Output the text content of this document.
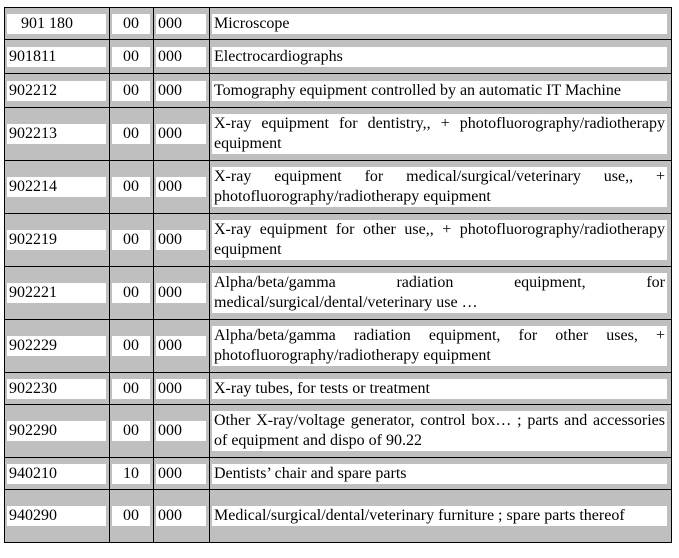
901 180	00	000	Microscope

901811	00	000	Electrocardiographs

902212	00	000	Tomography equipment controlled by an automatic IT Machine

902213	00	000	X-ray equipment for dentistry,, + photofluorography/radiotherapy equipment

902214	00	000	X-ray equipment for medical/surgical/veterinary use,, + photofluorography/radiotherapy equipment

902219	00	000	X-ray equipment for other use,, + photofluorography/radiotherapy equipment

902221	00	000	Alpha/beta/gamma radiation equipment, for medical/surgical/dental/veterinary use …

902229	00	000	Alpha/beta/gamma radiation equipment, for other uses, + photofluorography/radiotherapy equipment

902230	00	000	X-ray tubes, for tests or treatment

902290	00	000	Other X-ray/voltage generator, control box… ; parts and accessories of equipment and dispo of 90.22

940210	10	000	Dentists’ chair and spare parts

940290	00	000	Medical/surgical/dental/veterinary furniture ; spare parts thereof
